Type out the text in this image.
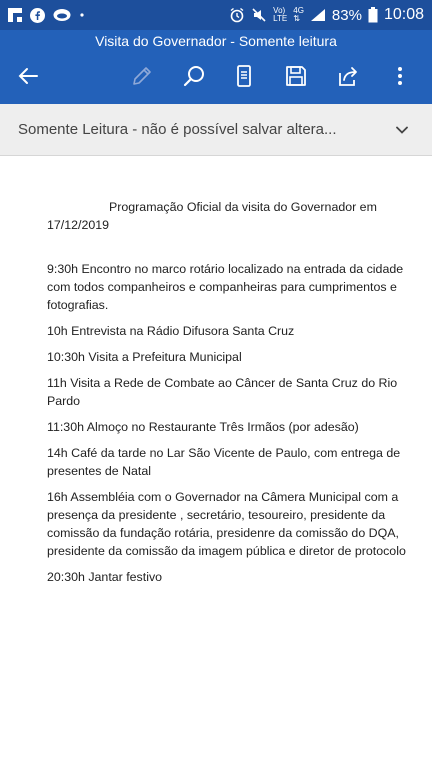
Vo)
LTE
4G
⇅ 83% 10:08
Visita do Governador - Somente leitura
Somente Leitura - não é possível salvar altera...

Programação Oficial da visita do Governador em

17/12/2019

9:30h Encontro no marco rotário localizado na entrada da cidade com todos companheiros e companheiras para cumprimentos e fotografias.

10h Entrevista na Rádio Difusora Santa Cruz

10:30h Visita a Prefeitura Municipal

11h Visita a Rede de Combate ao Câncer de Santa Cruz do Rio Pardo

11:30h Almoço no Restaurante Três Irmãos (por adesão)

14h Café da tarde no Lar São Vicente de Paulo, com entrega de presentes de Natal

16h Assembléia com o Governador na Câmera Municipal com a presença da presidente , secretário, tesoureiro, presidente da comissão da fundação rotária, presidenre da comissão do DQA, presidente da comissão da imagem pública e diretor de protocolo

20:30h Jantar festivo
